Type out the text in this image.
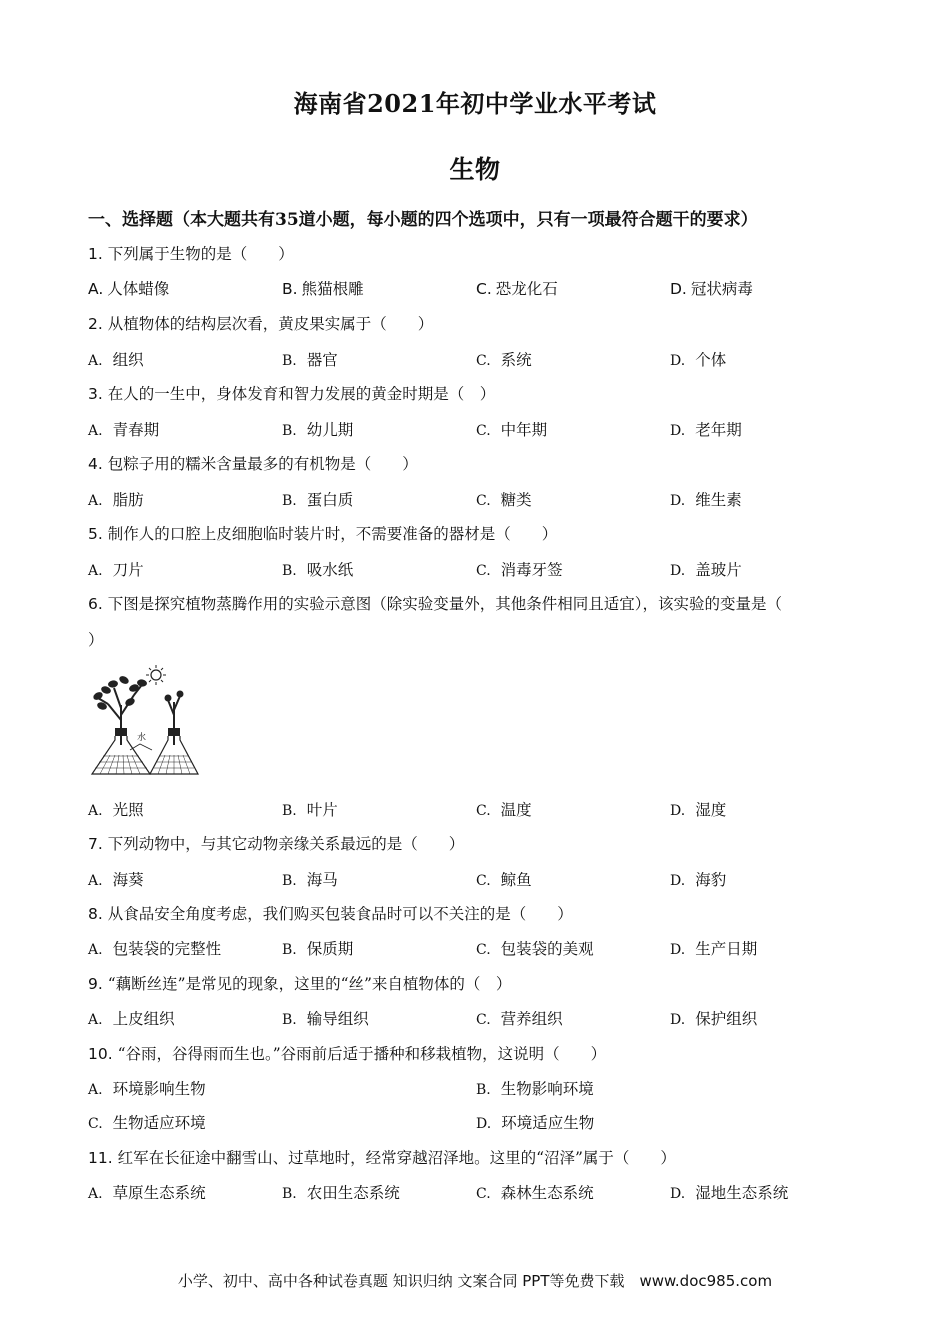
海南省2021年初中学业水平考试
生物
一、选择题（本大题共有35道小题，每小题的四个选项中，只有一项最符合题干的要求）
1. 下列属于生物的是（　　）
A. 人体蜡像	B. 熊猫根雕	C. 恐龙化石	D. 冠状病毒
2. 从植物体的结构层次看，黄皮果实属于（　　）
A. 组织	B. 器官	C. 系统	D. 个体
3. 在人的一生中，身体发育和智力发展的黄金时期是（　）
A. 青春期	B. 幼儿期	C. 中年期	D. 老年期
4. 包粽子用的糯米含量最多的有机物是（　　）
A. 脂肪	B. 蛋白质	C. 糖类	D. 维生素
5. 制作人的口腔上皮细胞临时装片时，不需要准备的器材是（　　）
A. 刀片	B. 吸水纸	C. 消毒牙签	D. 盖玻片
6. 下图是探究植物蒸腾作用的实验示意图（除实验变量外，其他条件相同且适宜），该实验的变量是（
）
水
A. 光照	B. 叶片	C. 温度	D. 湿度
7. 下列动物中，与其它动物亲缘关系最远的是（　　）
A. 海葵	B. 海马	C. 鲸鱼	D. 海豹
8. 从食品安全角度考虑，我们购买包装食品时可以不关注的是（　　）
A. 包装袋的完整性	B. 保质期	C. 包装袋的美观	D. 生产日期
9. “藕断丝连”是常见的现象，这里的“丝”来自植物体的（　）
A. 上皮组织	B. 输导组织	C. 营养组织	D. 保护组织
10. “谷雨，谷得雨而生也。”谷雨前后适于播种和移栽植物，这说明（　　）
A. 环境影响生物	B. 生物影响环境
C. 生物适应环境	D. 环境适应生物
11. 红军在长征途中翻雪山、过草地时，经常穿越沼泽地。这里的“沼泽”属于（　　）
A. 草原生态系统	B. 农田生态系统	C. 森林生态系统	D. 湿地生态系统
小学、初中、高中各种试卷真题 知识归纳 文案合同 PPT等免费下载　www.doc985.com
